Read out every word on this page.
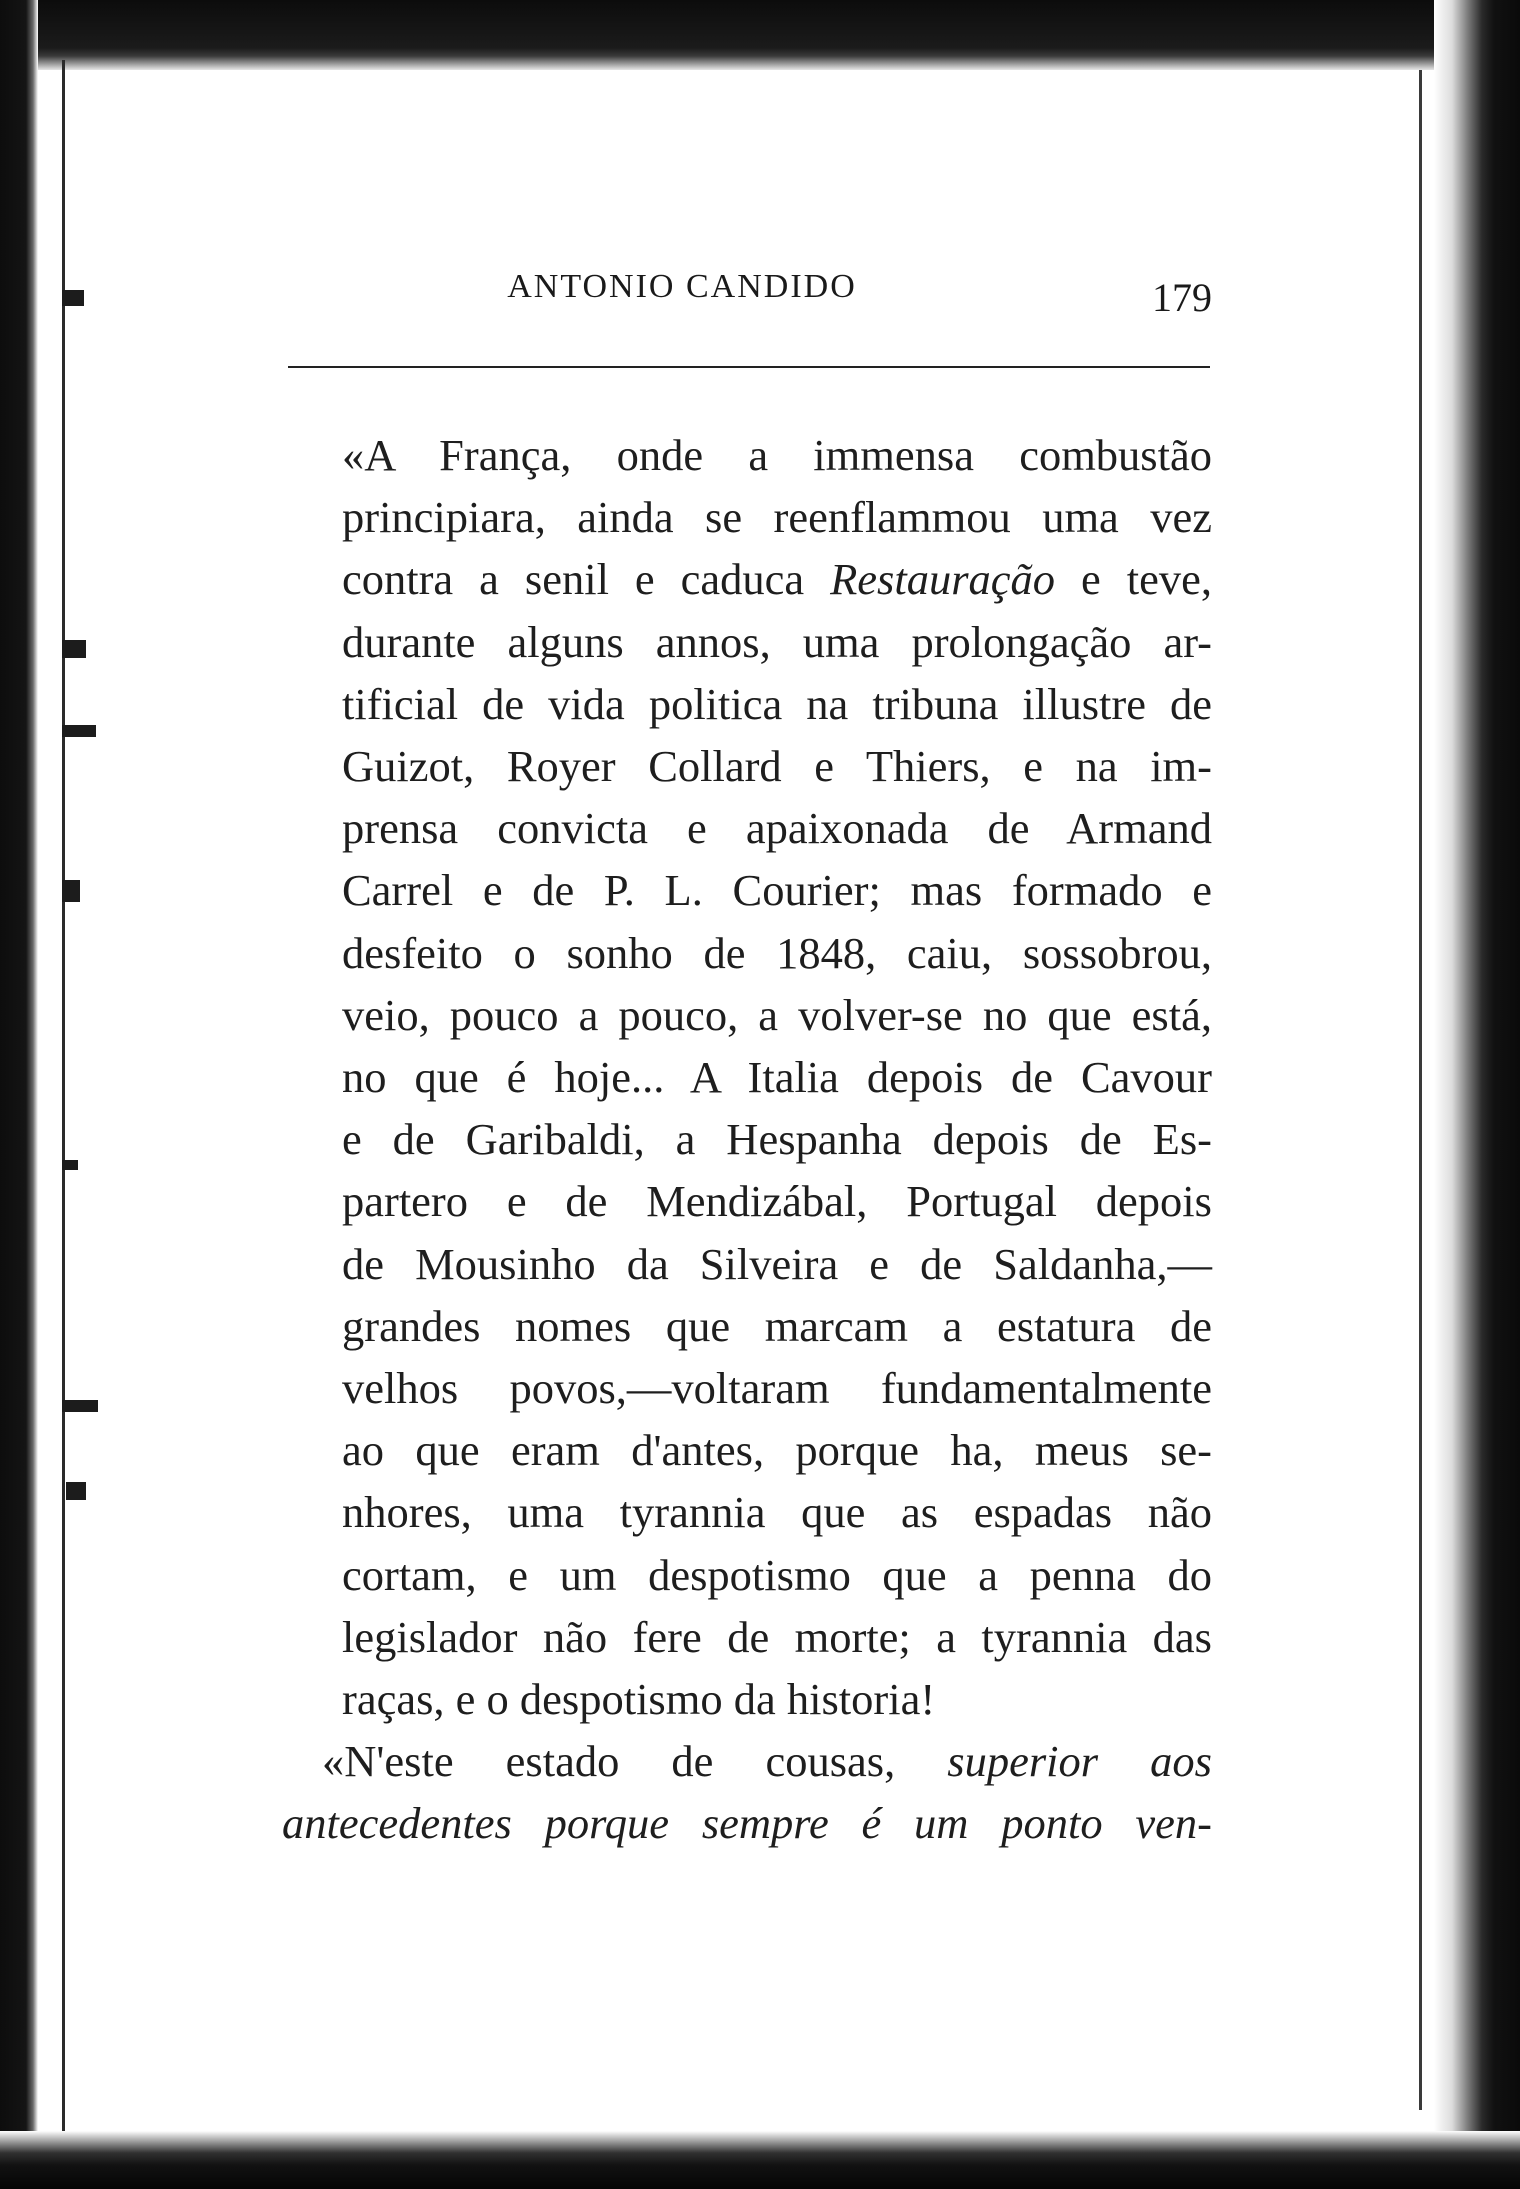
ANTONIO CANDIDO	179

«A França, onde a immensa combustão
principiara, ainda se reenflammou uma vez
contra a senil e caduca Restauração e teve,
durante alguns annos, uma prolongação ar-
tificial de vida politica na tribuna illustre de
Guizot, Royer Collard e Thiers, e na im-
prensa convicta e apaixonada de Armand
Carrel e de P. L. Courier; mas formado e
desfeito o sonho de 1848, caiu, sossobrou,
veio, pouco a pouco, a volver-se no que está,
no que é hoje... A Italia depois de Cavour
e de Garibaldi, a Hespanha depois de Es-
partero e de Mendizábal, Portugal depois
de Mousinho da Silveira e de Saldanha,—
grandes nomes que marcam a estatura de
velhos povos,—voltaram fundamentalmente
ao que eram d'antes, porque ha, meus se-
nhores, uma tyrannia que as espadas não
cortam, e um despotismo que a penna do
legislador não fere de morte; a tyrannia das
raças, e o despotismo da historia!

«N'este estado de cousas, superior aos
antecedentes porque sempre é um ponto ven-
